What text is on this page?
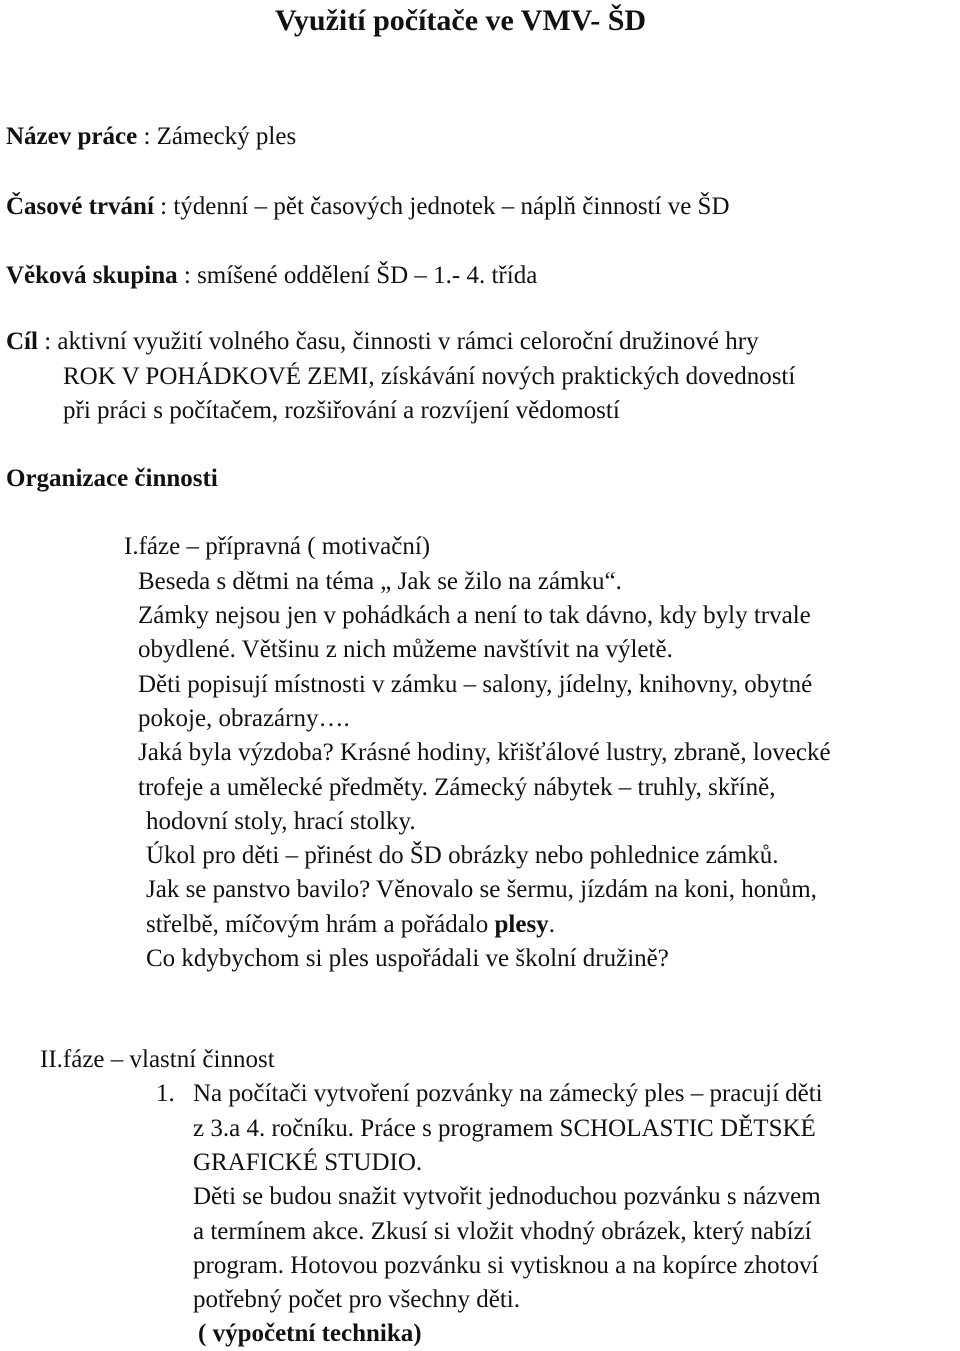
Využití počítače ve VMV- ŠD
Název práce : Zámecký ples
Časové trvání : týdenní – pět časových jednotek – náplň činností ve ŠD
Věková skupina : smíšené oddělení ŠD – 1.- 4. třída
Cíl : aktivní využití volného času, činnosti v rámci celoroční družinové hry
ROK V POHÁDKOVÉ ZEMI, získávání nových praktických dovedností
při práci s počítačem, rozšiřování a rozvíjení vědomostí
Organizace činnosti
I.fáze – přípravná ( motivační)
Beseda s dětmi na téma „ Jak se žilo na zámku“.
Zámky nejsou jen v pohádkách a není to tak dávno, kdy byly trvale
obydlené. Většinu z nich můžeme navštívit na výletě.
Děti popisují místnosti v zámku – salony, jídelny, knihovny, obytné
pokoje, obrazárny….
Jaká byla výzdoba? Krásné hodiny, křišťálové lustry, zbraně, lovecké
trofeje a umělecké předměty. Zámecký nábytek – truhly, skříně,
hodovní stoly, hrací stolky.
Úkol pro děti – přinést do ŠD obrázky nebo pohlednice zámků.
Jak se panstvo bavilo? Věnovalo se šermu, jízdám na koni, honům,
střelbě, míčovým hrám a pořádalo plesy.
Co kdybychom si ples uspořádali ve školní družině?
II.fáze – vlastní činnost
1. Na počítači vytvoření pozvánky na zámecký ples – pracují děti
z 3.a 4. ročníku. Práce s programem SCHOLASTIC DĚTSKÉ
GRAFICKÉ STUDIO.
Děti se budou snažit vytvořit jednoduchou pozvánku s názvem
a termínem akce. Zkusí si vložit vhodný obrázek, který nabízí
program. Hotovou pozvánku si vytisknou a na kopírce zhotoví
potřebný počet pro všechny děti.
( výpočetní technika)
